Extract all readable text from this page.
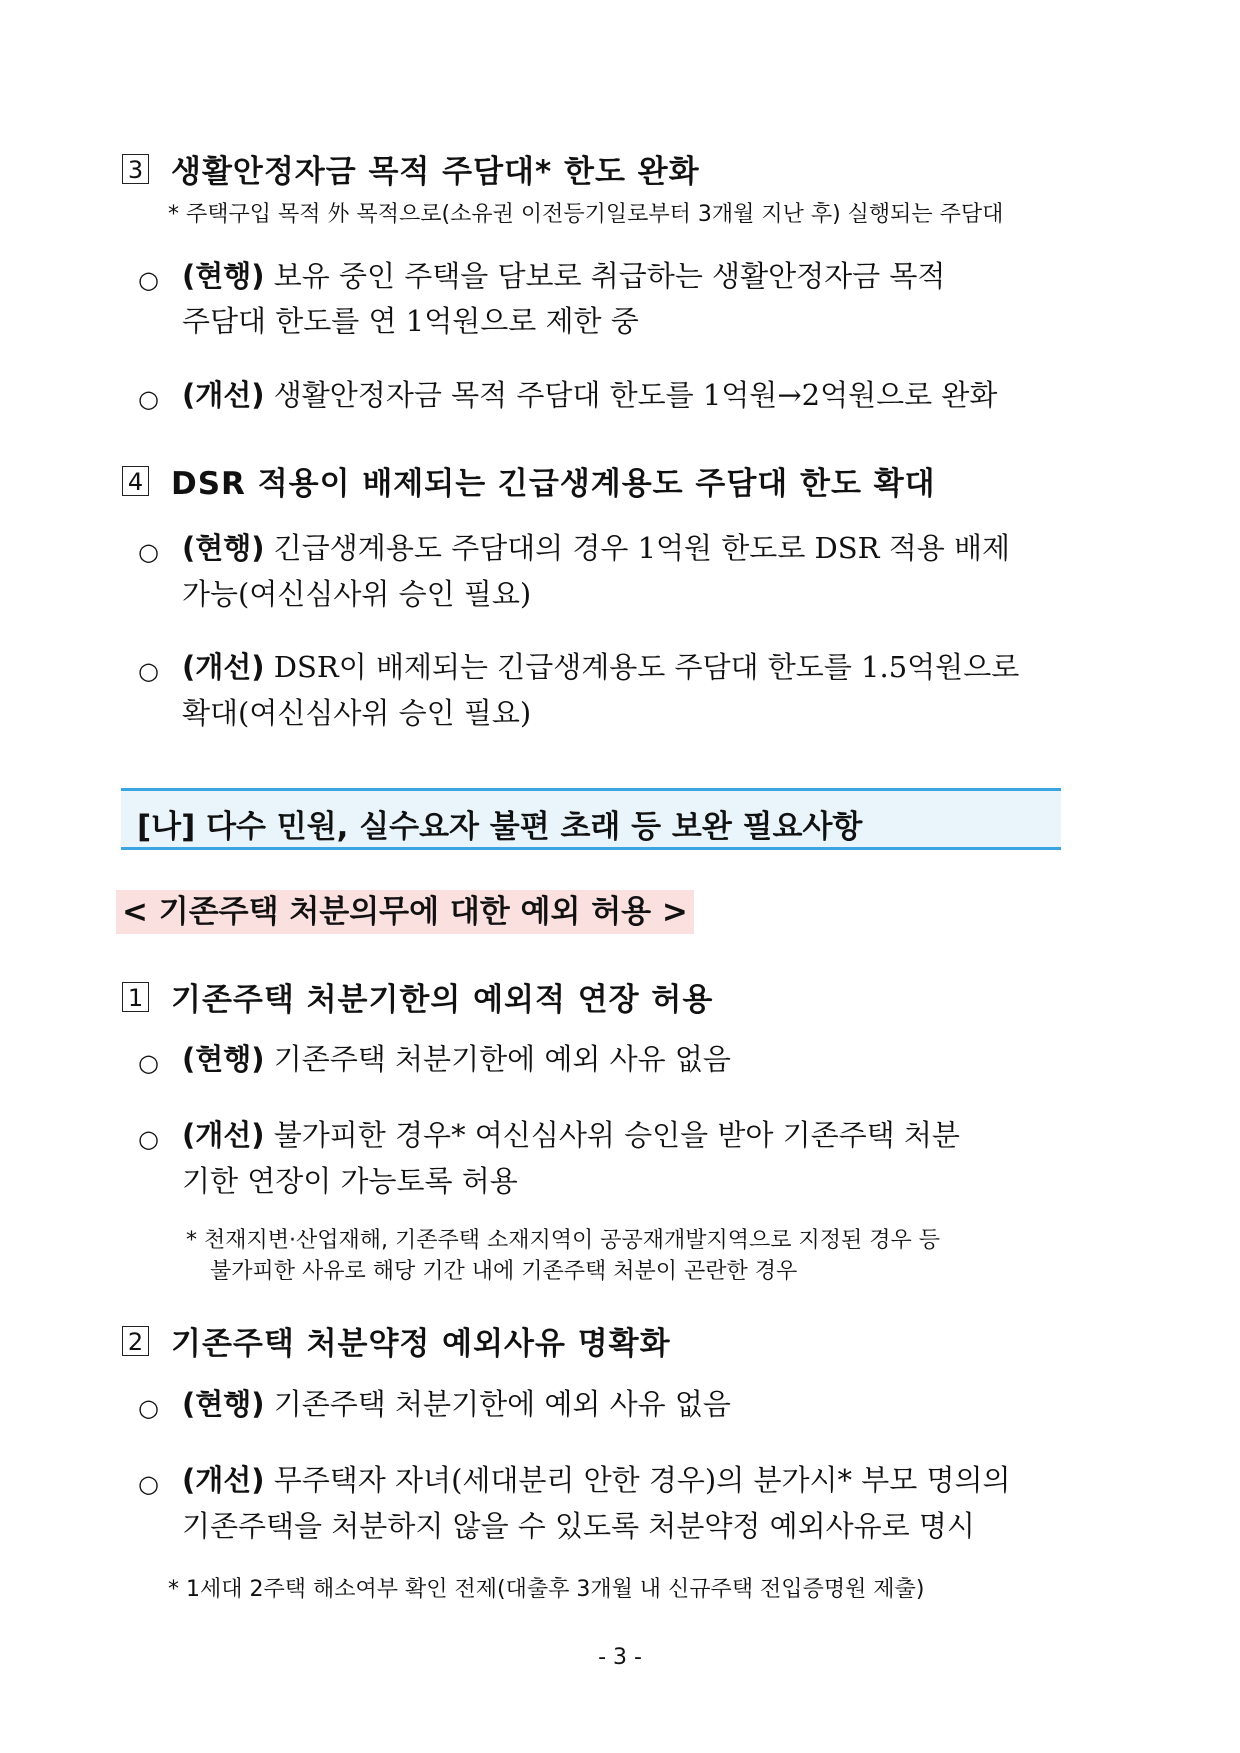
3 생활안정자금 목적 주담대* 한도 완화
* 주택구입 목적 外 목적으로(소유권 이전등기일로부터 3개월 지난 후) 실행되는 주담대
○ (현행) 보유 중인 주택을 담보로 취급하는 생활안정자금 목적
주담대 한도를 연 1억원으로 제한 중
○ (개선) 생활안정자금 목적 주담대 한도를 1억원→2억원으로 완화
4 DSR 적용이 배제되는 긴급생계용도 주담대 한도 확대
○ (현행) 긴급생계용도 주담대의 경우 1억원 한도로 DSR 적용 배제
가능(여신심사위 승인 필요)
○ (개선) DSR이 배제되는 긴급생계용도 주담대 한도를 1.5억원으로
확대(여신심사위 승인 필요)
[나] 다수 민원, 실수요자 불편 초래 등 보완 필요사항
< 기존주택 처분의무에 대한 예외 허용 >
1 기존주택 처분기한의 예외적 연장 허용
○ (현행) 기존주택 처분기한에 예외 사유 없음
○ (개선) 불가피한 경우* 여신심사위 승인을 받아 기존주택 처분
기한 연장이 가능토록 허용
* 천재지변·산업재해, 기존주택 소재지역이 공공재개발지역으로 지정된 경우 등
불가피한 사유로 해당 기간 내에 기존주택 처분이 곤란한 경우
2 기존주택 처분약정 예외사유 명확화
○ (현행) 기존주택 처분기한에 예외 사유 없음
○ (개선) 무주택자 자녀(세대분리 안한 경우)의 분가시* 부모 명의의
기존주택을 처분하지 않을 수 있도록 처분약정 예외사유로 명시
* 1세대 2주택 해소여부 확인 전제(대출후 3개월 내 신규주택 전입증명원 제출)
- 3 -
